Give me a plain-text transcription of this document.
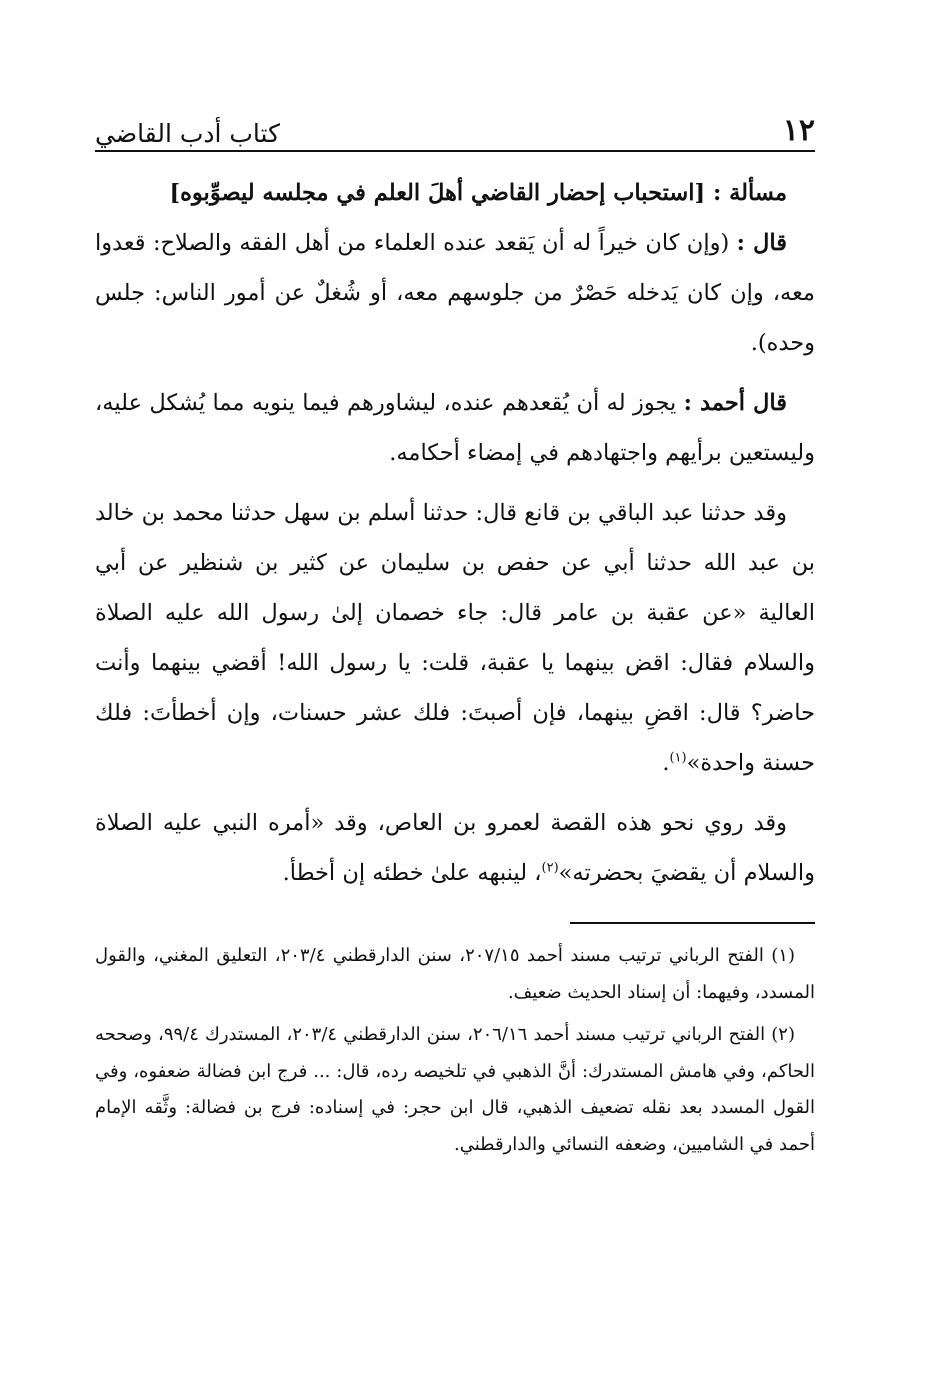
١٢
كتاب أدب القاضي

مسألة : [استحباب إحضار القاضي أهلَ العلم في مجلسه ليصوِّبوه]

قال : (وإن كان خيراً له أن يَقعد عنده العلماء من أهل الفقه والصلاح: قعدوا معه، وإن كان يَدخله حَصْرٌ من جلوسهم معه، أو شُغلٌ عن أمور الناس: جلس وحده).

قال أحمد : يجوز له أن يُقعدهم عنده، ليشاورهم فيما ينويه مما يُشكل عليه، وليستعين برأيهم واجتهادهم في إمضاء أحكامه.

وقد حدثنا عبد الباقي بن قانع قال: حدثنا أسلم بن سهل حدثنا محمد بن خالد بن عبد الله حدثنا أبي عن حفص بن سليمان عن كثير بن شنظير عن أبي العالية «عن عقبة بن عامر قال: جاء خصمان إلىٰ رسول الله عليه الصلاة والسلام فقال: اقض بينهما يا عقبة، قلت: يا رسول الله! أقضي بينهما وأنت حاضر؟ قال: اقضِ بينهما، فإن أصبتَ: فلك عشر حسنات، وإن أخطأتَ: فلك حسنة واحدة»$^{(١)}$.

وقد روي نحو هذه القصة لعمرو بن العاص، وقد «أمره النبي عليه الصلاة والسلام أن يقضيَ بحضرته»$^{(٢)}$، لينبهه علىٰ خطئه إن أخطأ.

(١) الفتح الرباني ترتيب مسند أحمد ٢٠٧/١٥، سنن الدارقطني ٢٠٣/٤، التعليق المغني، والقول المسدد، وفيهما: أن إسناد الحديث ضعيف.

(٢) الفتح الرباني ترتيب مسند أحمد ٢٠٦/١٦، سنن الدارقطني ٢٠٣/٤، المستدرك ٩٩/٤، وصححه الحاكم، وفي هامش المستدرك: أنَّ الذهبي في تلخيصه رده، قال: ... فرج ابن فضالة ضعفوه، وفي القول المسدد بعد نقله تضعيف الذهبي، قال ابن حجر: في إسناده: فرج بن فضالة: وثَّقه الإمام أحمد في الشاميين، وضعفه النسائي والدارقطني.
